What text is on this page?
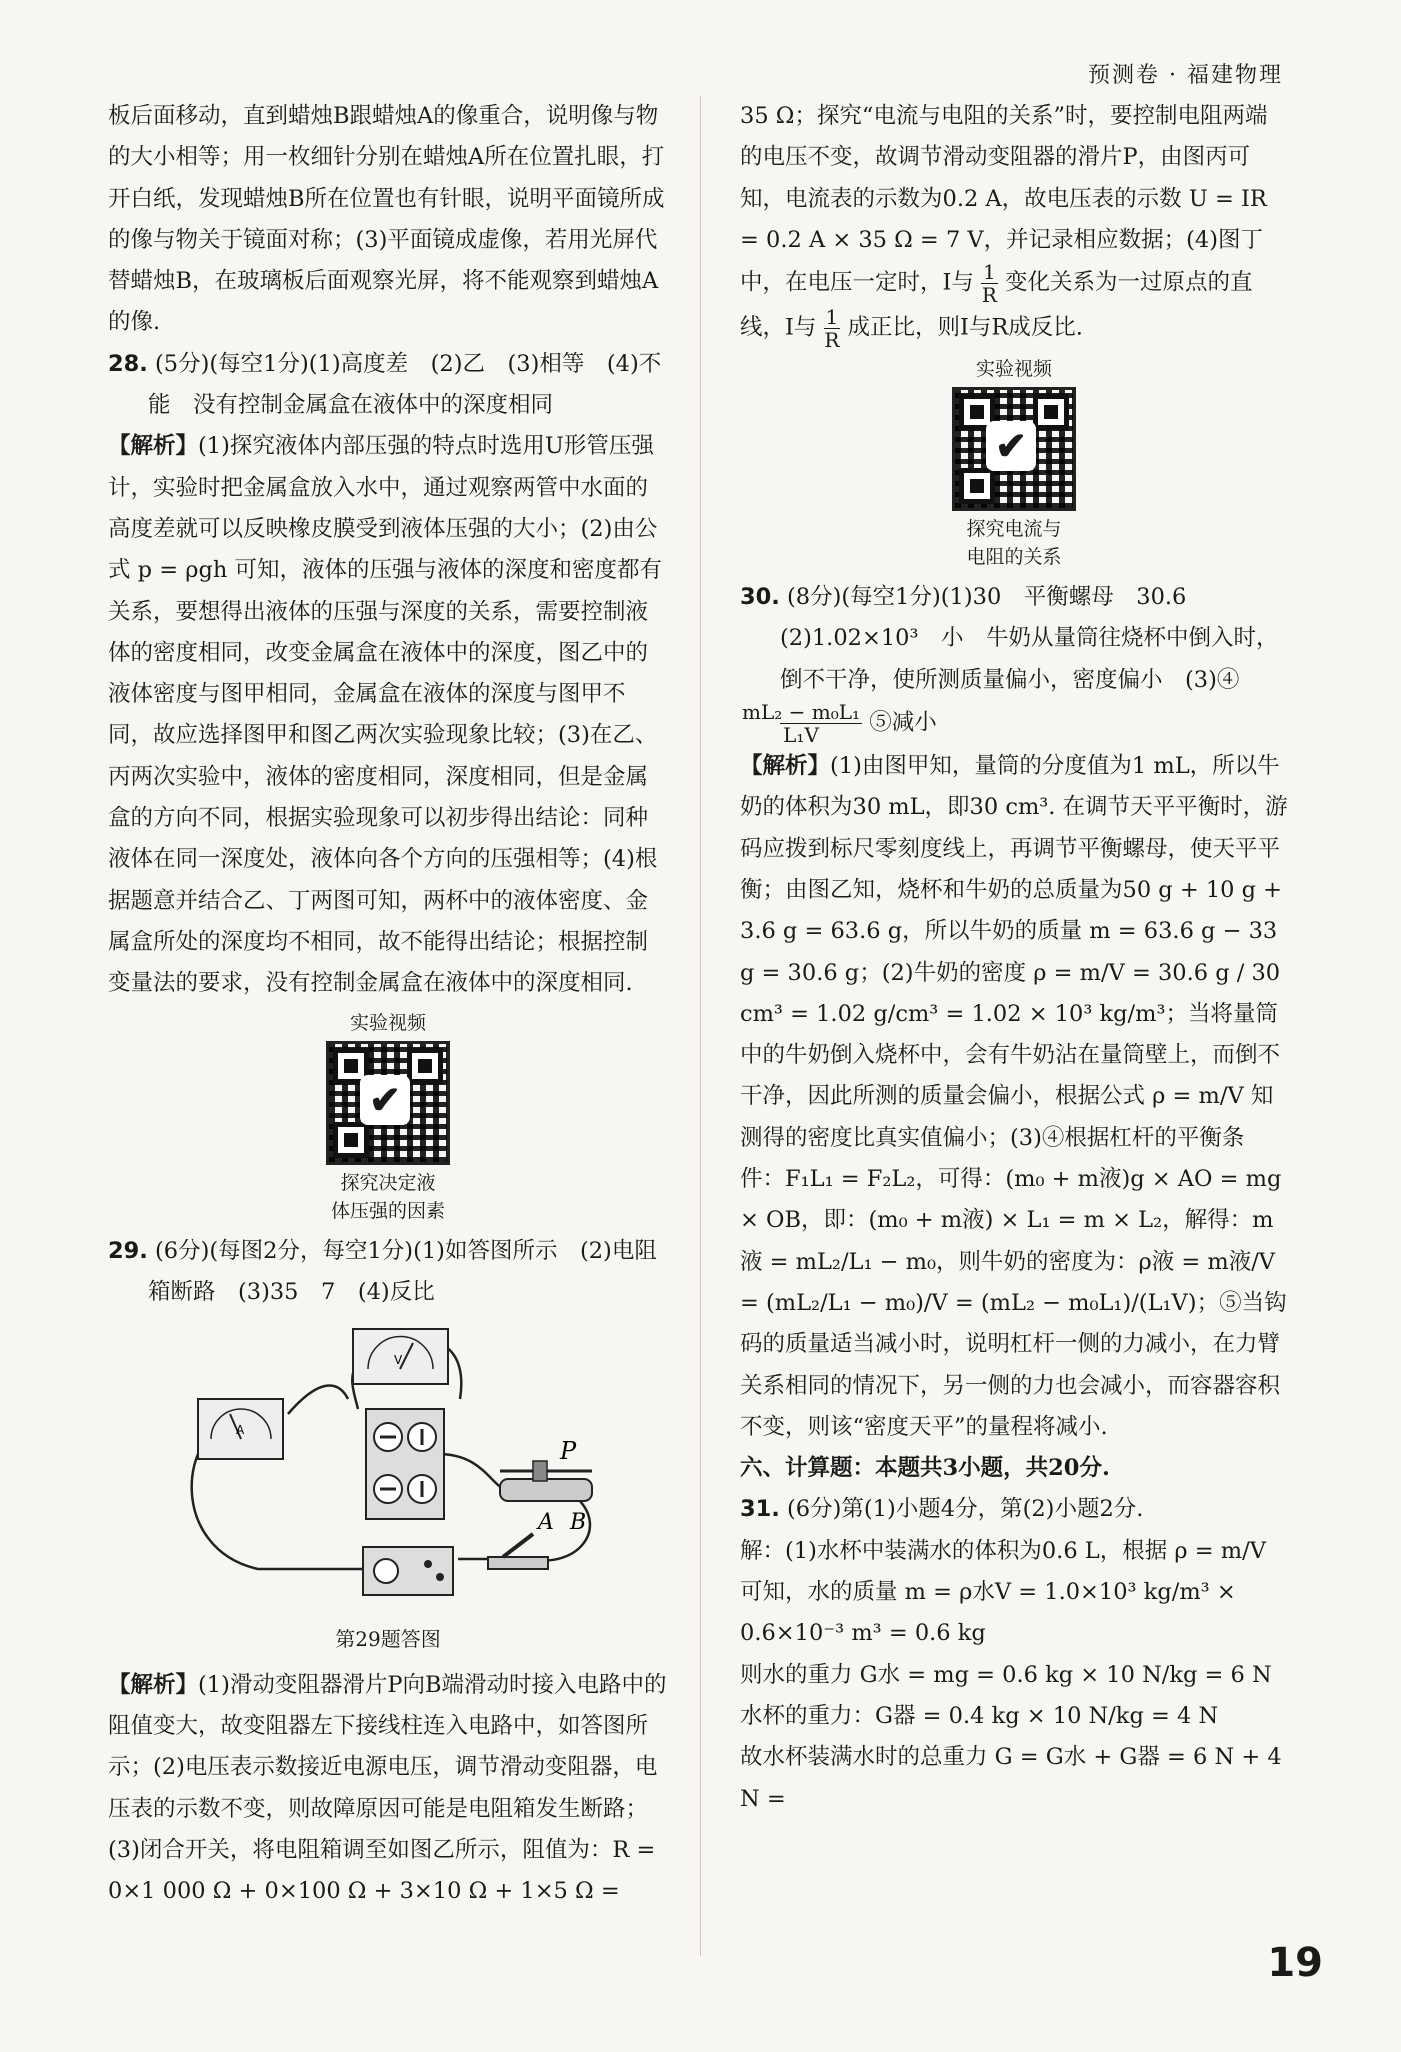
预测卷 · 福建物理

板后面移动，直到蜡烛B跟蜡烛A的像重合，说明像与物的大小相等；用一枚细针分别在蜡烛A所在位置扎眼，打开白纸，发现蜡烛B所在位置也有针眼，说明平面镜所成的像与物关于镜面对称；(3)平面镜成虚像，若用光屏代替蜡烛B，在玻璃板后面观察光屏，将不能观察到蜡烛A的像.

28. (5分)(每空1分)(1)高度差　(2)乙　(3)相等　(4)不能　没有控制金属盒在液体中的深度相同

【解析】(1)探究液体内部压强的特点时选用U形管压强计，实验时把金属盒放入水中，通过观察两管中水面的高度差就可以反映橡皮膜受到液体压强的大小；(2)由公式 p = ρgh 可知，液体的压强与液体的深度和密度都有关系，要想得出液体的压强与深度的关系，需要控制液体的密度相同，改变金属盒在液体中的深度，图乙中的液体密度与图甲相同，金属盒在液体的深度与图甲不同，故应选择图甲和图乙两次实验现象比较；(3)在乙、丙两次实验中，液体的密度相同，深度相同，但是金属盒的方向不同，根据实验现象可以初步得出结论：同种液体在同一深度处，液体向各个方向的压强相等；(4)根据题意并结合乙、丁两图可知，两杯中的液体密度、金属盒所处的深度均不相同，故不能得出结论；根据控制变量法的要求，没有控制金属盒在液体中的深度相同.

实验视频
✔
探究决定液
体压强的因素

29. (6分)(每图2分，每空1分)(1)如答图所示　(2)电阻箱断路　(3)35　7　(4)反比

V
A
P
A B
第29题答图

【解析】(1)滑动变阻器滑片P向B端滑动时接入电路中的阻值变大，故变阻器左下接线柱连入电路中，如答图所示；(2)电压表示数接近电源电压，调节滑动变阻器，电压表的示数不变，则故障原因可能是电阻箱发生断路；(3)闭合开关，将电阻箱调至如图乙所示，阻值为：R = 0×1 000 Ω + 0×100 Ω + 3×10 Ω + 1×5 Ω =

35 Ω；探究“电流与电阻的关系”时，要控制电阻两端的电压不变，故调节滑动变阻器的滑片P，由图丙可知，电流表的示数为0.2 A，故电压表的示数 U = IR = 0.2 A × 35 Ω = 7 V，并记录相应数据；(4)图丁中，在电压一定时，I与 $\frac{1}{R}$ 变化关系为一过原点的直线，I与 $\frac{1}{R}$ 成正比，则I与R成反比.

实验视频
✔
探究电流与
电阻的关系

30. (8分)(每空1分)(1)30　平衡螺母　30.6　(2)1.02×10³　小　牛奶从量筒往烧杯中倒入时，倒不干净，使所测质量偏小，密度偏小　(3)④
$\frac{\text{mL₂ − m₀L₁}}{\text{L₁V}}$ ⑤减小

【解析】(1)由图甲知，量筒的分度值为1 mL，所以牛奶的体积为30 mL，即30 cm³. 在调节天平平衡时，游码应拨到标尺零刻度线上，再调节平衡螺母，使天平平衡；由图乙知，烧杯和牛奶的总质量为50 g + 10 g + 3.6 g = 63.6 g，所以牛奶的质量 m = 63.6 g − 33 g = 30.6 g；(2)牛奶的密度 ρ = m/V = 30.6 g / 30 cm³ = 1.02 g/cm³ = 1.02 × 10³ kg/m³；当将量筒中的牛奶倒入烧杯中，会有牛奶沾在量筒壁上，而倒不干净，因此所测的质量会偏小，根据公式 ρ = m/V 知测得的密度比真实值偏小；(3)④根据杠杆的平衡条件：F₁L₁ = F₂L₂，可得：(m₀ + m液)g × AO = mg × OB，即：(m₀ + m液) × L₁ = m × L₂，解得：m液 = mL₂/L₁ − m₀，则牛奶的密度为：ρ液 = m液/V = (mL₂/L₁ − m₀)/V = (mL₂ − m₀L₁)/(L₁V)；⑤当钩码的质量适当减小时，说明杠杆一侧的力减小，在力臂关系相同的情况下，另一侧的力也会减小，而容器容积不变，则该“密度天平”的量程将减小.

六、计算题：本题共3小题，共20分.

31. (6分)第(1)小题4分，第(2)小题2分.

解：(1)水杯中装满水的体积为0.6 L，根据 ρ = m/V 可知，水的质量 m = ρ水V = 1.0×10³ kg/m³ × 0.6×10⁻³ m³ = 0.6 kg

则水的重力 G水 = mg = 0.6 kg × 10 N/kg = 6 N

水杯的重力：G器 = 0.4 kg × 10 N/kg = 4 N

故水杯装满水时的总重力 G = G水 + G器 = 6 N + 4 N =

19
